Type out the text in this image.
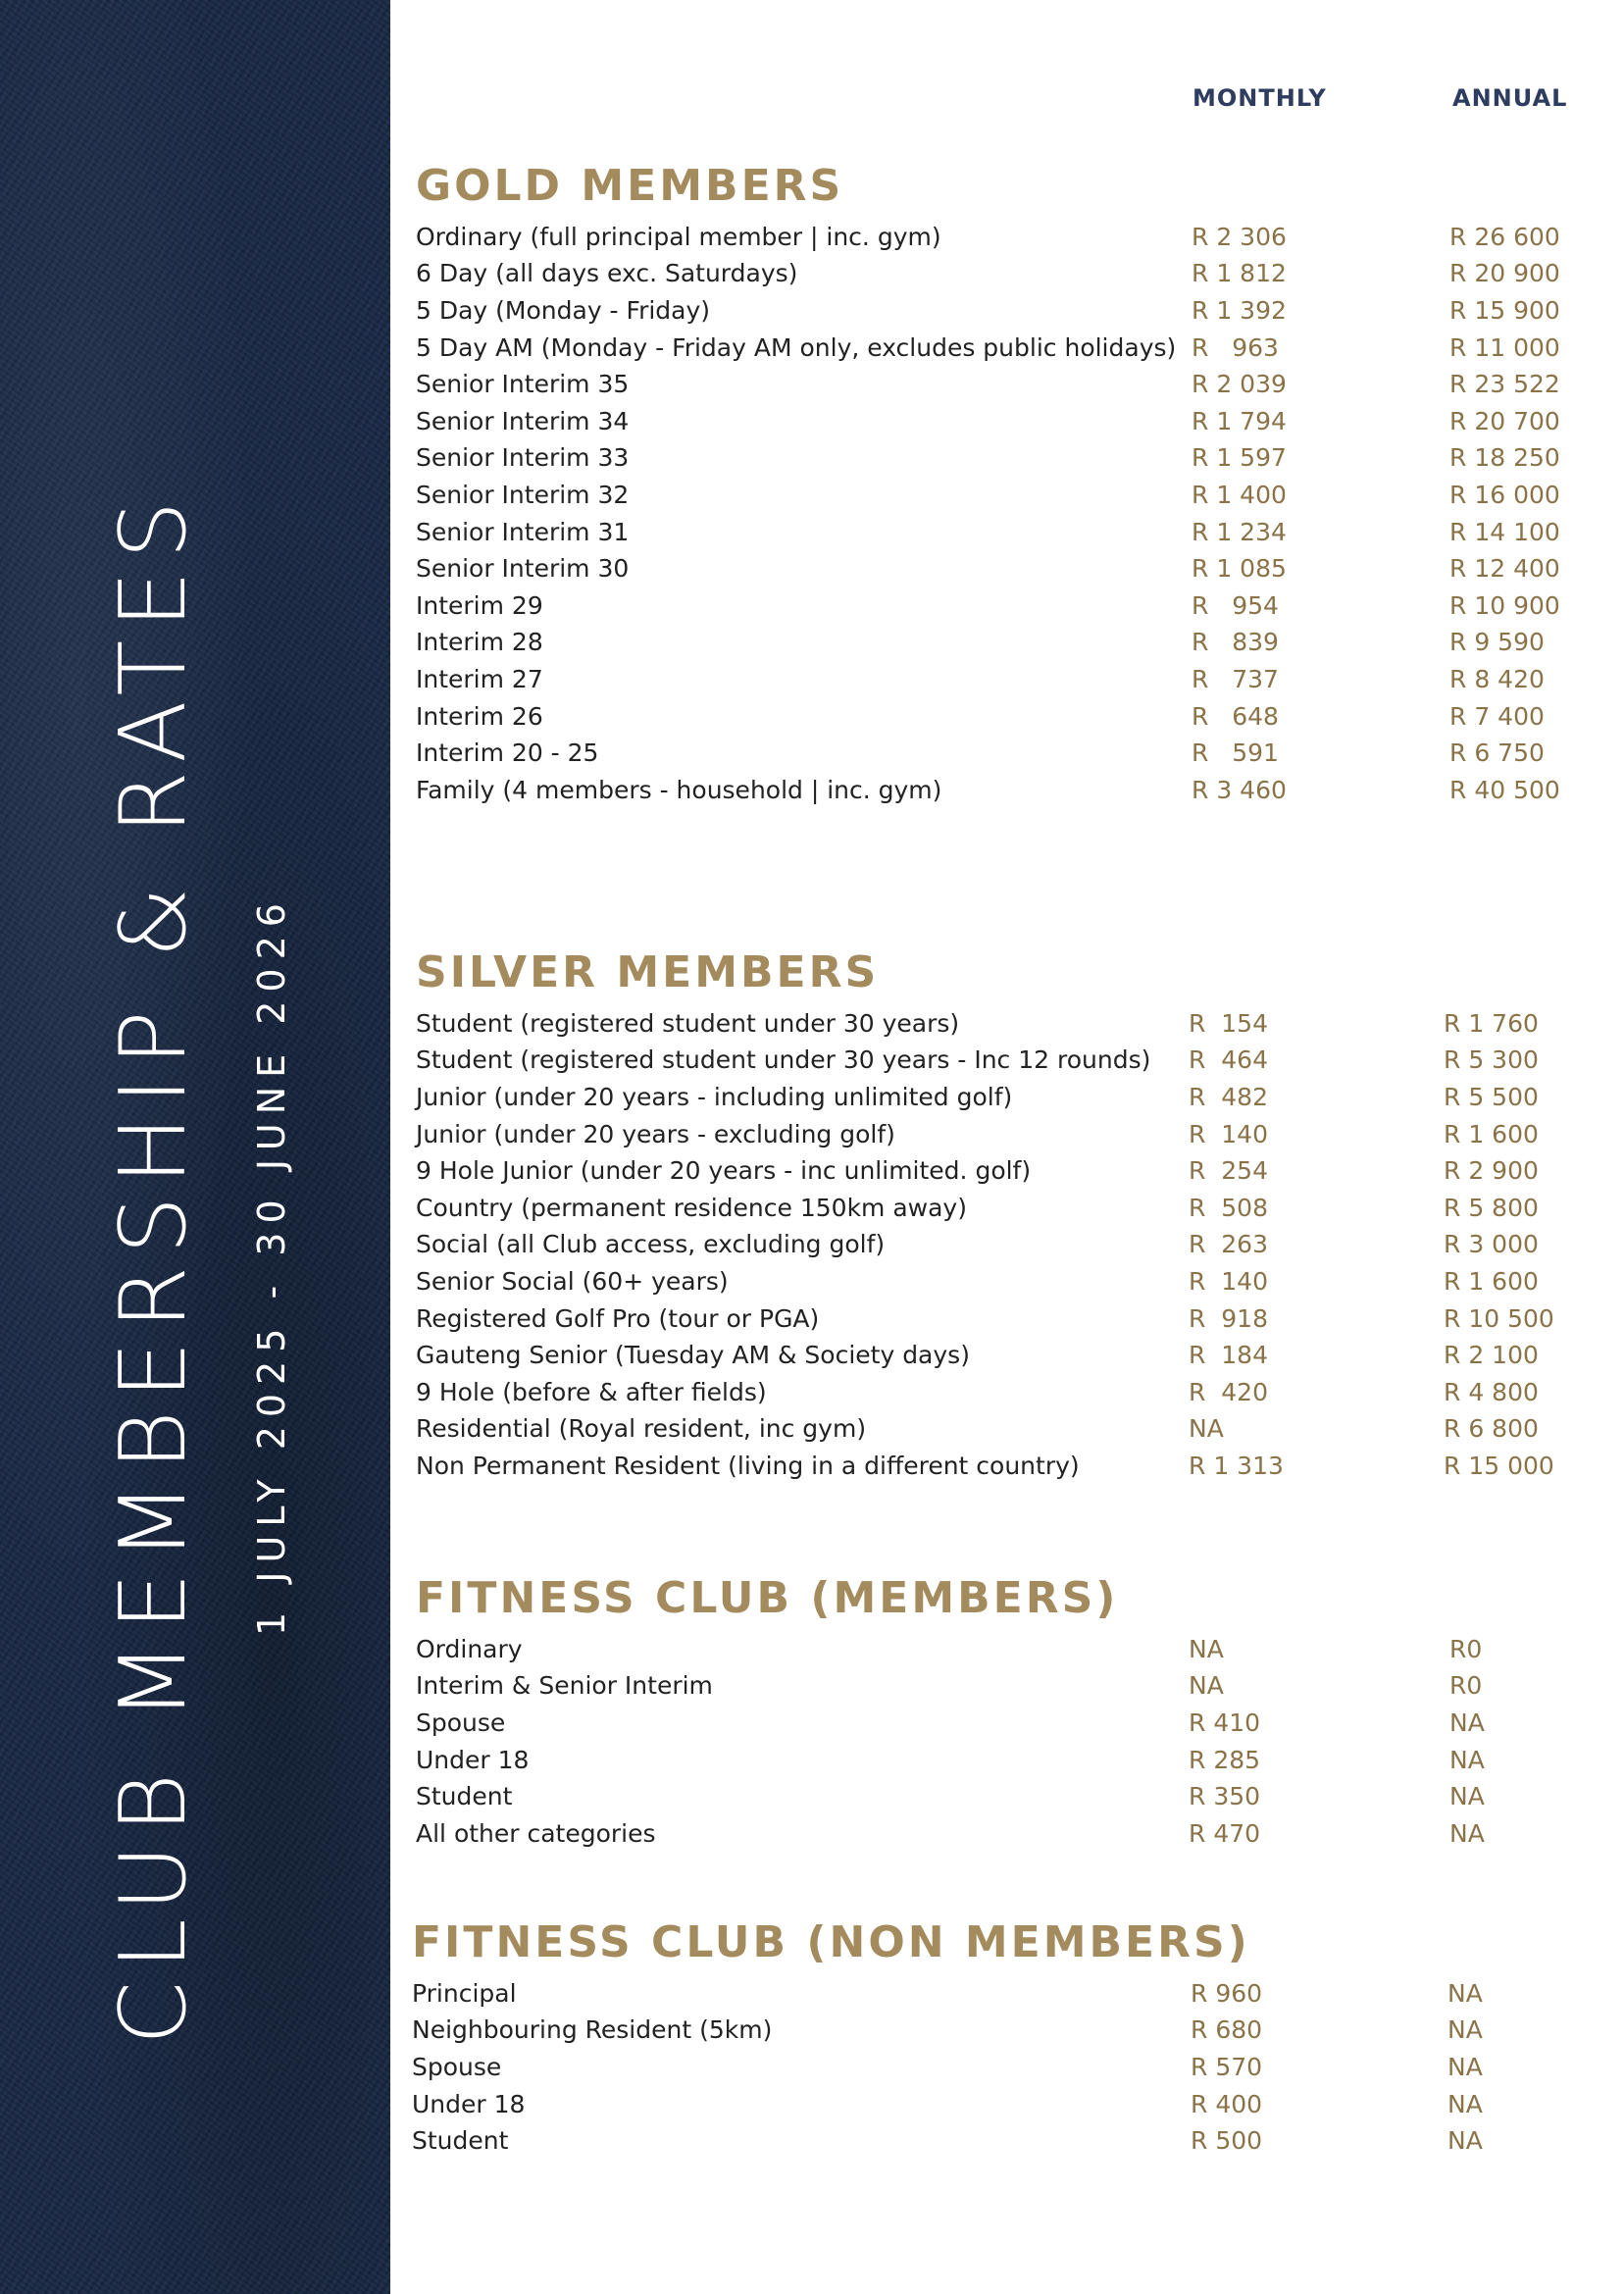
CLUB MEMBERSHIP & RATES 1 JULY 2025 - 30 JUNE 2026
MONTHLY	ANNUAL
GOLD MEMBERS
Ordinary (full principal member | inc. gym)	R 2 306	R 26 600
6 Day (all days exc. Saturdays)	R 1 812	R 20 900
5 Day (Monday - Friday)	R 1 392	R 15 900
5 Day AM (Monday - Friday AM only, excludes public holidays) R   963	R 11 000
Senior Interim 35	R 2 039	R 23 522
Senior Interim 34	R 1 794	R 20 700
Senior Interim 33	R 1 597	R 18 250
Senior Interim 32	R 1 400	R 16 000
Senior Interim 31	R 1 234	R 14 100
Senior Interim 30	R 1 085	R 12 400
Interim 29	R   954	R 10 900
Interim 28	R   839	R 9 590
Interim 27	R   737	R 8 420
Interim 26	R   648	R 7 400
Interim 20 - 25	R   591	R 6 750
Family (4 members - household | inc. gym)	R 3 460	R 40 500
SILVER MEMBERS
Student (registered student under 30 years)	R  154	R 1 760
Student (registered student under 30 years - Inc 12 rounds) R  464	R 5 300
Junior (under 20 years - including unlimited golf)	R  482	R 5 500
Junior (under 20 years - excluding golf)	R  140	R 1 600
9 Hole Junior (under 20 years - inc unlimited. golf)	R  254	R 2 900
Country (permanent residence 150km away)	R  508	R 5 800
Social (all Club access, excluding golf)	R  263	R 3 000
Senior Social (60+ years)	R  140	R 1 600
Registered Golf Pro (tour or PGA)	R  918	R 10 500
Gauteng Senior (Tuesday AM & Society days)	R  184	R 2 100
9 Hole (before & after fields)	R  420	R 4 800
Residential (Royal resident, inc gym)	NA	R 6 800
Non Permanent Resident (living in a different country)	R 1 313	R 15 000
FITNESS CLUB (MEMBERS)
Ordinary	NA	R0
Interim & Senior Interim	NA	R0
Spouse	R 410	NA
Under 18	R 285	NA
Student	R 350	NA
All other categories	R 470	NA
FITNESS CLUB (NON MEMBERS)
Principal	R 960	NA
Neighbouring Resident (5km)	R 680	NA
Spouse	R 570	NA
Under 18	R 400	NA
Student	R 500	NA
